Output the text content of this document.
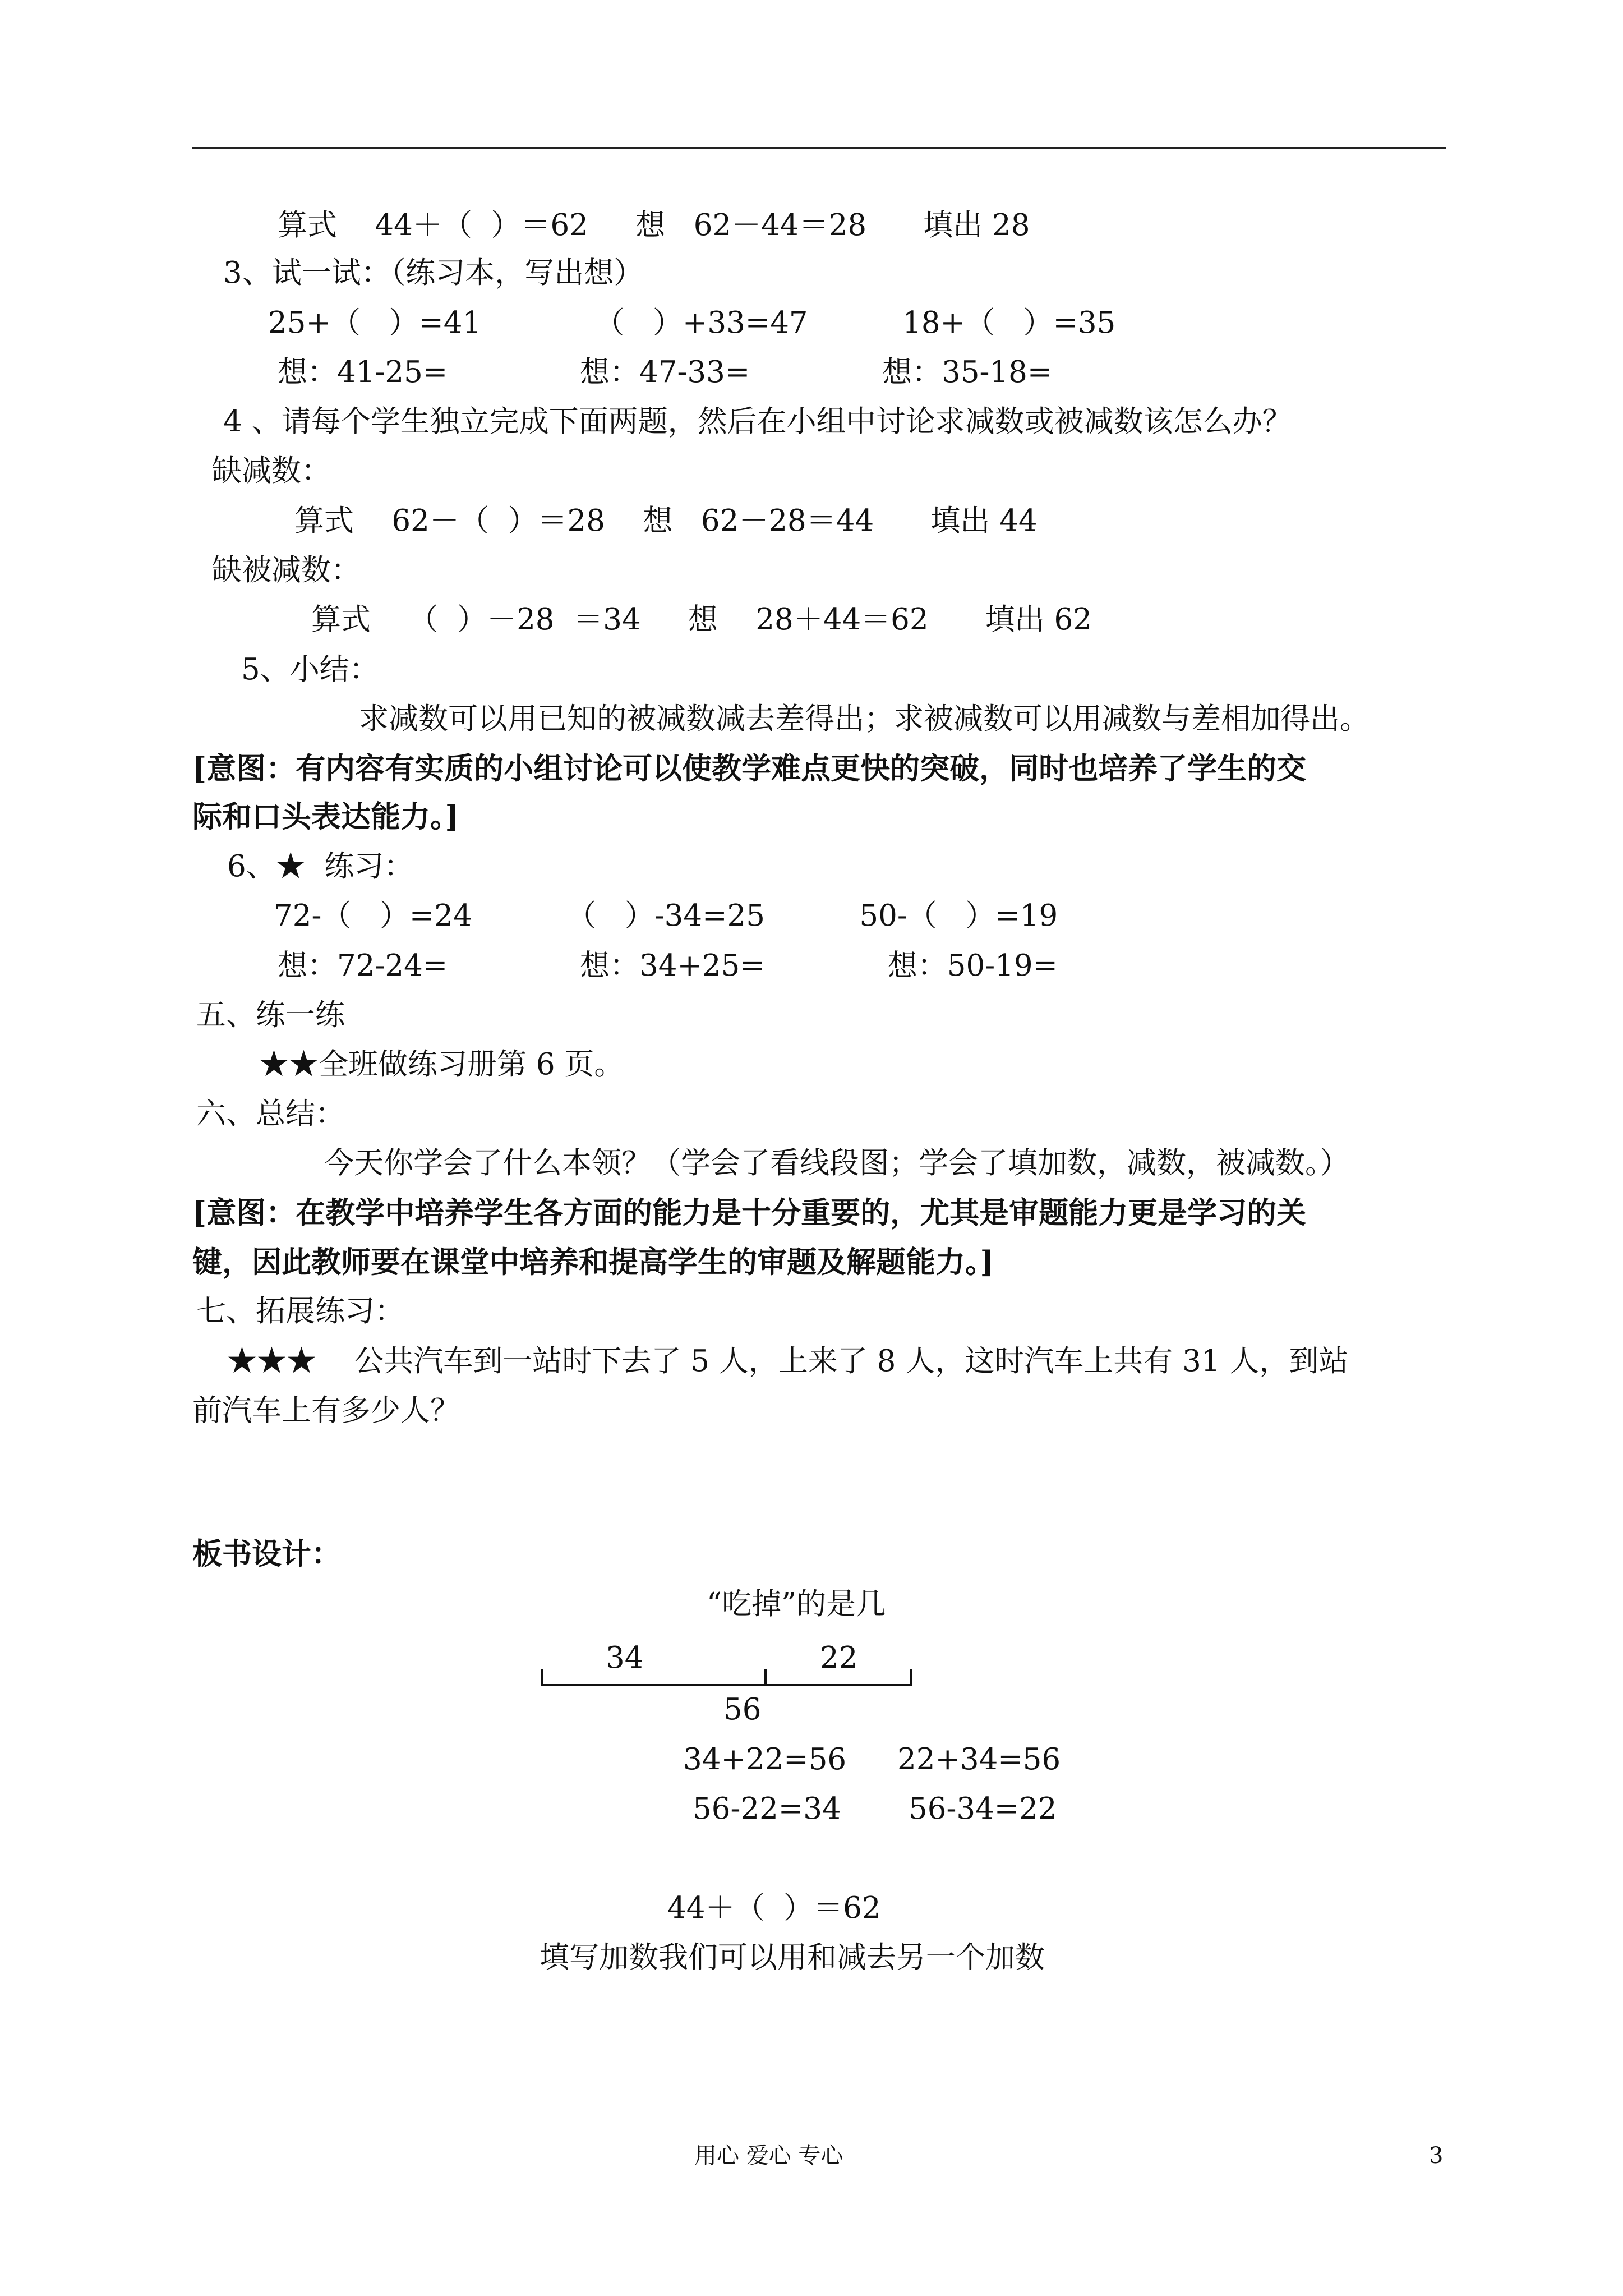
算式    44＋（  ）＝62     想   62－44＝28      填出 28
3、试一试：（练习本，写出想）
25+（   ）=41            （   ）+33=47          18+（   ）=35
想：41-25=              想：47-33=              想：35-18=
4 、请每个学生独立完成下面两题，然后在小组中讨论求减数或被减数该怎么办？
缺减数：
算式    62－（  ）＝28    想   62－28＝44      填出 44
缺被减数：
算式    （  ）－28  ＝34     想    28＋44＝62      填出 62
5、小结：
求减数可以用已知的被减数减去差得出；求被减数可以用减数与差相加得出。
[意图：有内容有实质的小组讨论可以使教学难点更快的突破，同时也培养了学生的交
际和口头表达能力。]
6、★  练习：
72-（   ）=24          （   ）-34=25          50-（   ）=19
想：72-24=              想：34+25=             想：50-19=
五、练一练
★★全班做练习册第 6 页。
六、总结：
今天你学会了什么本领？（学会了看线段图；学会了填加数，减数，被减数。）
[意图：在教学中培养学生各方面的能力是十分重要的，尤其是审题能力更是学习的关
键，因此教师要在课堂中培养和提高学生的审题及解题能力。]
七、拓展练习：
★★★    公共汽车到一站时下去了 5 人，上来了 8 人，这时汽车上共有 31 人，到站
前汽车上有多少人？
板书设计：
“吃掉”的是几
34	22
56
34+22=56 22+34=56
56-22=34 56-34=22
44＋（  ）＝62
填写加数我们可以用和减去另一个加数
用心 爱心 专心	3
